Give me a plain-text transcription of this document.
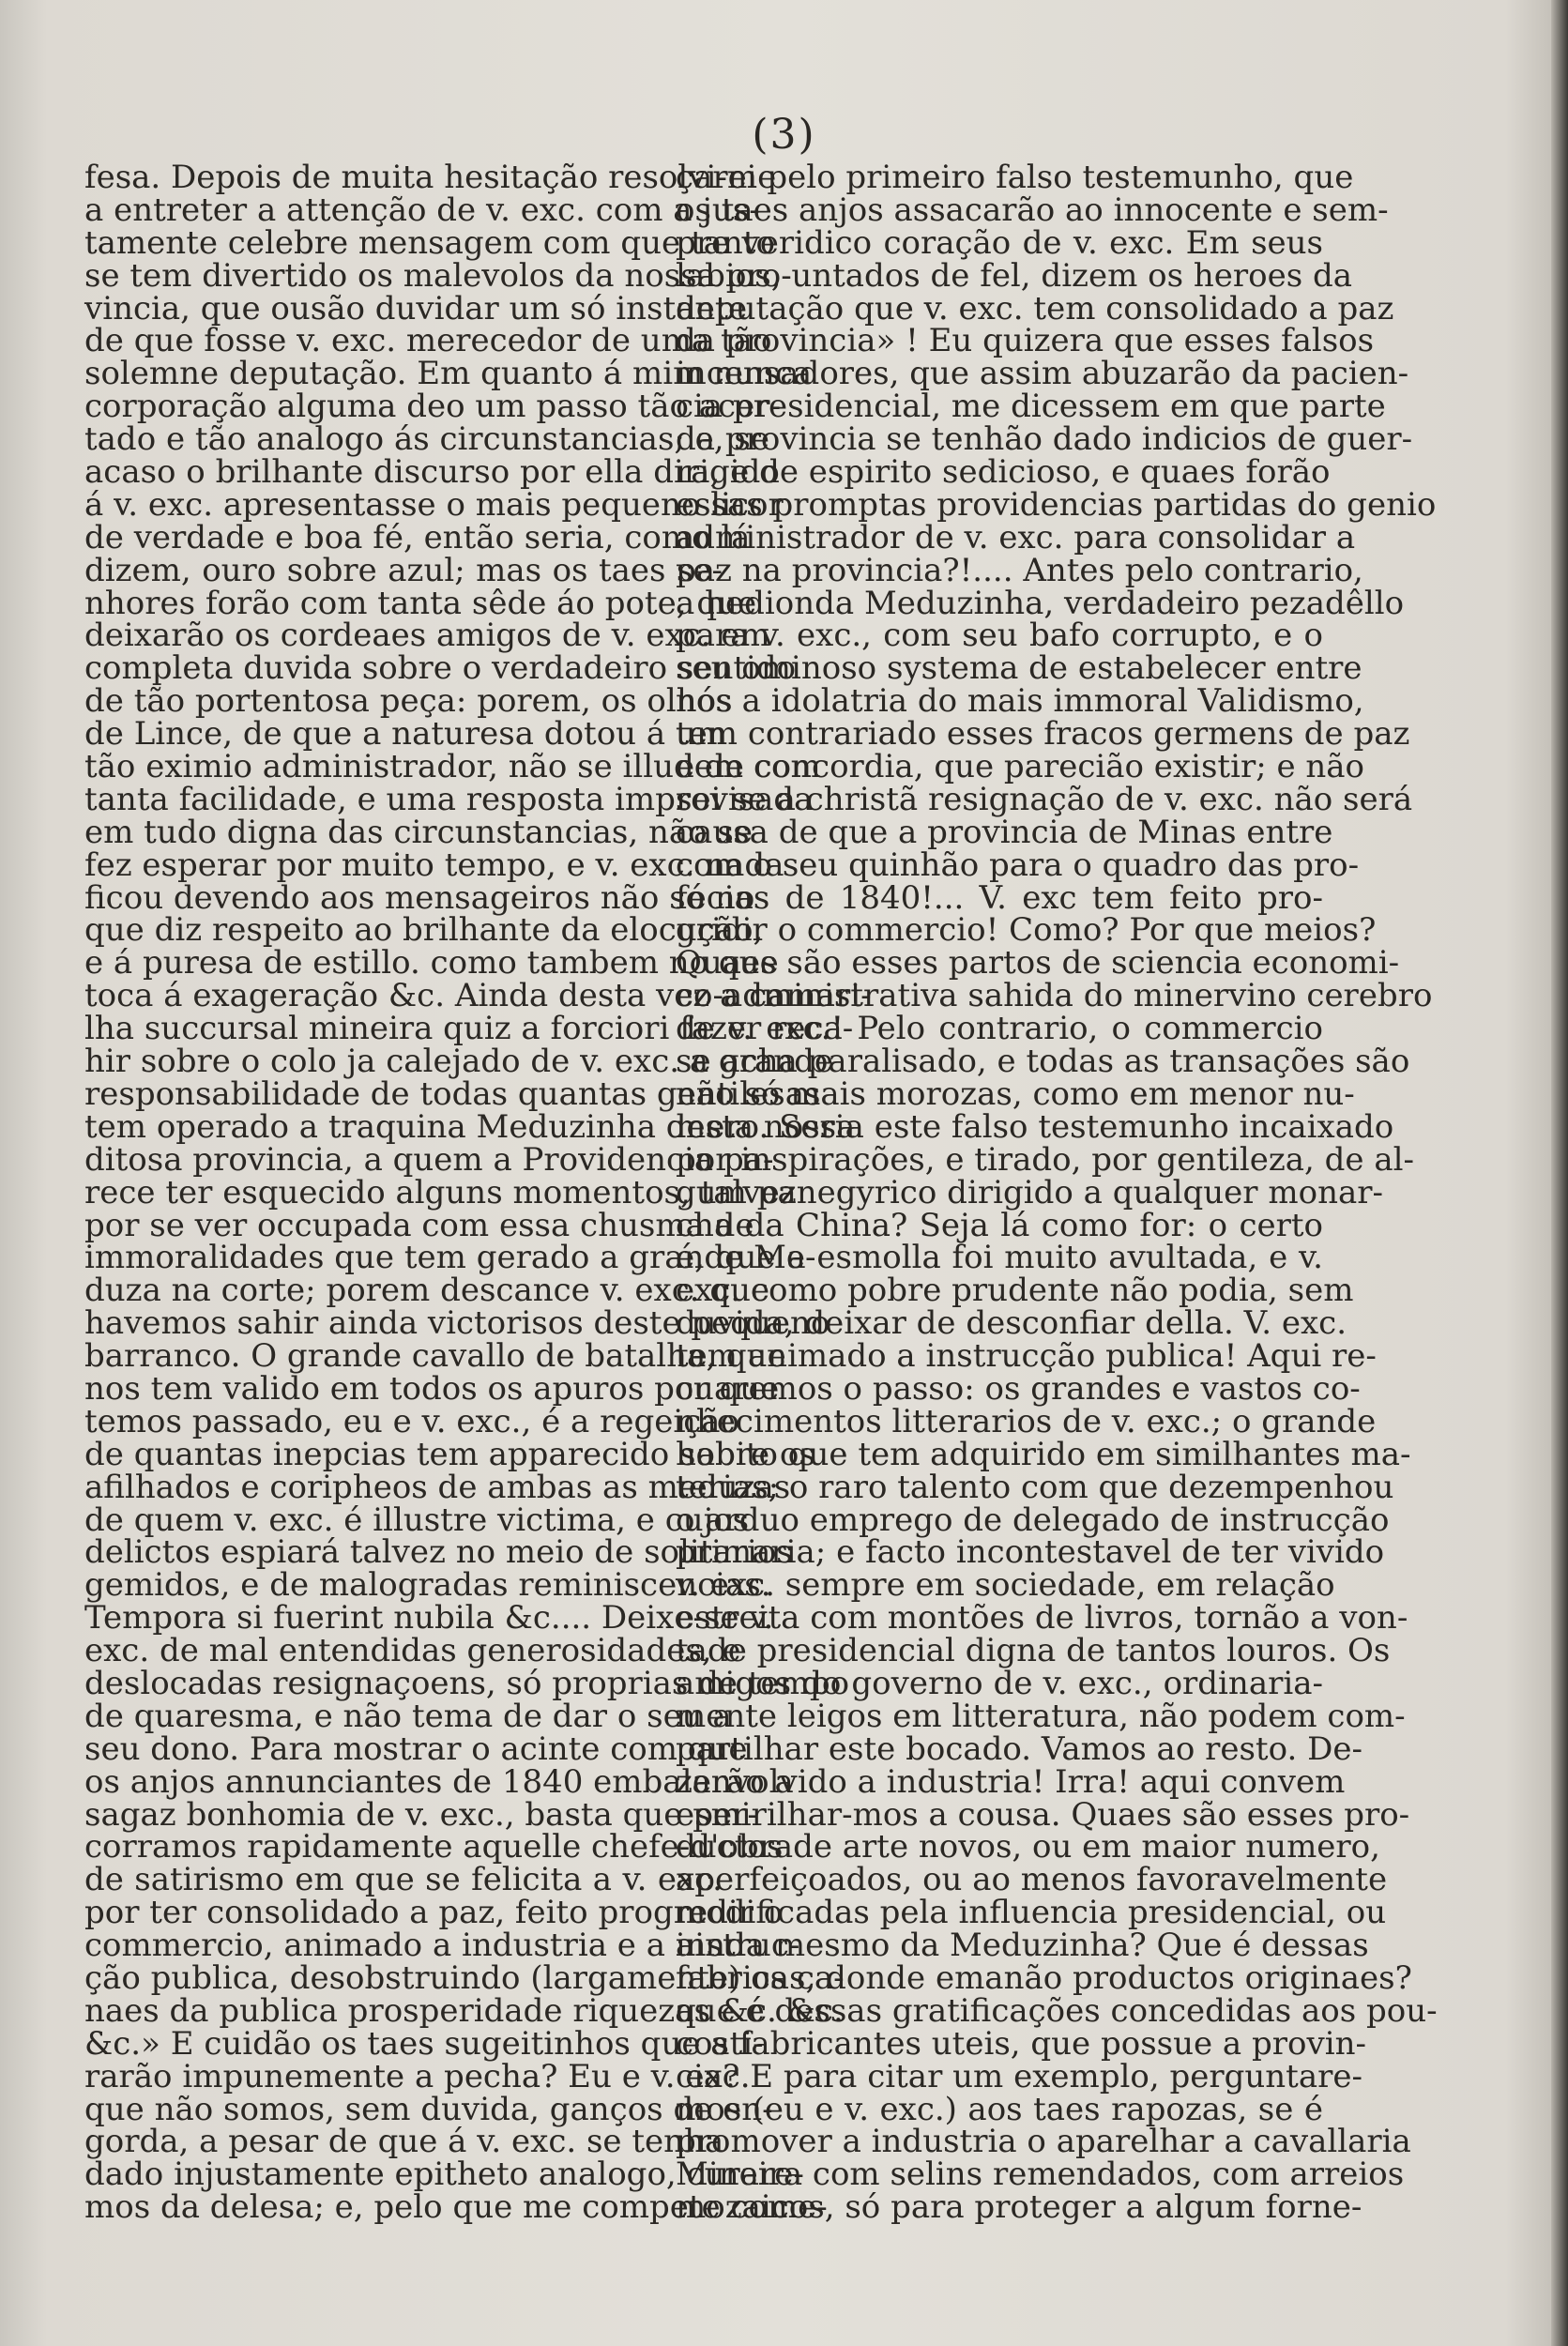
(3)
fesa. Depois de muita hesitação resolvi-me
a entreter a attenção de v. exc. com a jus-
tamente celebre mensagem com que tanto
se tem divertido os malevolos da nossa pro-
vincia, que ousão duvidar um só instante
de que fosse v. exc. merecedor de uma tão
solemne deputação. Em quanto á mim nunca
corporação alguma deo um passo tão acer-
tado e tão analogo ás circunstancias; e, se
acaso o brilhante discurso por ella dirigido
á v. exc. apresentasse o mais pequeno licor
de verdade e boa fé, então seria, como lá
dizem, ouro sobre azul; mas os taes se-
nhores forão com tanta sêde áo pote, que
deixarão os cordeaes amigos de v. exc. em
completa duvida sobre o verdadeiro sentido
de tão portentosa peça: porem, os olhos
de Lince, de que a naturesa dotou á um
tão eximio administrador, não se illudem com
tanta facilidade, e uma resposta improvisada
em tudo digna das circunstancias, não se
fez esperar por muito tempo, e v. exc. nada
ficou devendo aos mensageiros não só no
que diz respeito ao brilhante da elocução,
e á puresa de estillo. como tambem no que
toca á exageração &c. Ainda desta vez a camari-
lha succursal mineira quiz a forciori fazer reca-
hir sobre o colo ja calejado de v. exc. a grande
responsabilidade de todas quantas gentilesas
tem operado a traquina Meduzinha desta nossa
ditosa provincia, a quem a Providencia pa-
rece ter esquecido alguns momentos, talvez
por se ver occupada com essa chusma de
immoralidades que tem gerado a grande Me-
duza na corte; porem descance v. exc. que
havemos sahir ainda victorisos deste pequeno
barranco. O grande cavallo de batalha, que
nos tem valido em todos os apuros por que
temos passado, eu e v. exc., é a regeição
de quantas inepcias tem apparecido sobre os
afilhados e coripheos de ambas as meduzas
de quem v. exc. é illustre victima, e cujos
delictos espiará talvez no meio de solitarios
gemidos, e de malogradas reminiscencias.
Tempora si fuerint nubila &c.... Deixe-se v.
exc. de mal entendidas generosidades, e
deslocadas resignaçoens, só proprias de tempo
de quaresma, e não tema de dar o seu a
seu dono. Para mostrar o acinte com que
os anjos annunciantes de 1840 embalarão a
sagaz bonhomia de v. exc., basta que per-
corramos rapidamente aquelle chefe-d'obra
de satirismo em que se felicita a v. exc.
por ter consolidado a paz, feito progredir o
commercio, animado a industria e a instruc-
ção publica, desobstruindo (largamente) os ca-
naes da publica prosperidade riquezas &c. &c.
&c.» E cuidão os taes sugeitinhos que ati-
rarão impunemente a pecha? Eu e v. exc.
que não somos, sem duvida, ganços de en-
gorda, a pesar de que á v. exc. se tenha
dado injustamente epitheto analogo, curare-
mos da delesa; e, pelo que me compete come-
çarei pelo primeiro falso testemunho, que
os taes anjos assacarão ao innocente e sem-
pre veridico coração de v. exc. Em seus
labios, untados de fel, dizem os heroes da
deputação que v. exc. tem consolidado a paz
da provincia» ! Eu quizera que esses falsos
incensadores, que assim abuzarão da pacien-
cia presidencial, me dicessem em que parte
da provincia se tenhão dado indicios de guer-
ra, e de espirito sedicioso, e quaes forão
essas promptas providencias partidas do genio
administrador de v. exc. para consolidar a
paz na provincia?!.... Antes pelo contrario,
a hedionda Meduzinha, verdadeiro pezadêllo
para v. exc., com seu bafo corrupto, e o
seu ominoso systema de estabelecer entre
nós a idolatria do mais immoral Validismo,
tem contrariado esses fracos germens de paz
e de concordia, que parecião existir; e não
sei se a christã resignação de v. exc. não será
causa de que a provincia de Minas entre
com o seu quinhão para o quadro das pro-
fecias de 1840!... V. exc tem feito pro-
gridir o commercio! Como? Por que meios?
Quaes são esses partos de sciencia economi-
co-administrativa sahida do minervino cerebro
de v. exc.! Pelo contrario, o commercio
se acha paralisado, e todas as transações são
não só mais morozas, como em menor nu-
mero. Seria este falso testemunho incaixado
por inspirações, e tirado, por gentileza, de al-
gum panegyrico dirigido a qualquer monar-
cha da China? Seja lá como for: o certo
é, que a esmolla foi muito avultada, e v.
exc. como pobre prudente não podia, sem
duvida, deixar de desconfiar della. V. exc.
tem animado a instrucção publica! Aqui re-
cuaremos o passo: os grandes e vastos co-
nhecimentos litterarios de v. exc.; o grande
habito que tem adquirido em similhantes ma-
terias; o raro talento com que dezempenhou
o arduo emprego de delegado de instrucção
primaria; e facto incontestavel de ter vivido
v. exc. sempre em sociedade, em relação
estreita com montões de livros, tornão a von-
tade presidencial digna de tantos louros. Os
amigos do governo de v. exc., ordinaria-
mente leigos em litteratura, não podem com-
partilhar este bocado. Vamos ao resto. De-
zenvolvido a industria! Irra! aqui convem
esmirilhar-mos a cousa. Quaes são esses pro-
ductos de arte novos, ou em maior numero,
aperfeiçoados, ou ao menos favoravelmente
modificadas pela influencia presidencial, ou
ainda mesmo da Meduzinha? Que é dessas
fabricas, donde emanão productos originaes?
que é dessas gratificações concedidas aos pou-
cos fabricantes uteis, que possue a provin-
cia? E para citar um exemplo, perguntare-
mos (eu e v. exc.) aos taes rapozas, se é
promover a industria o aparelhar a cavallaria
Mineira com selins remendados, com arreios
mozaicos, só para proteger a algum forne-
